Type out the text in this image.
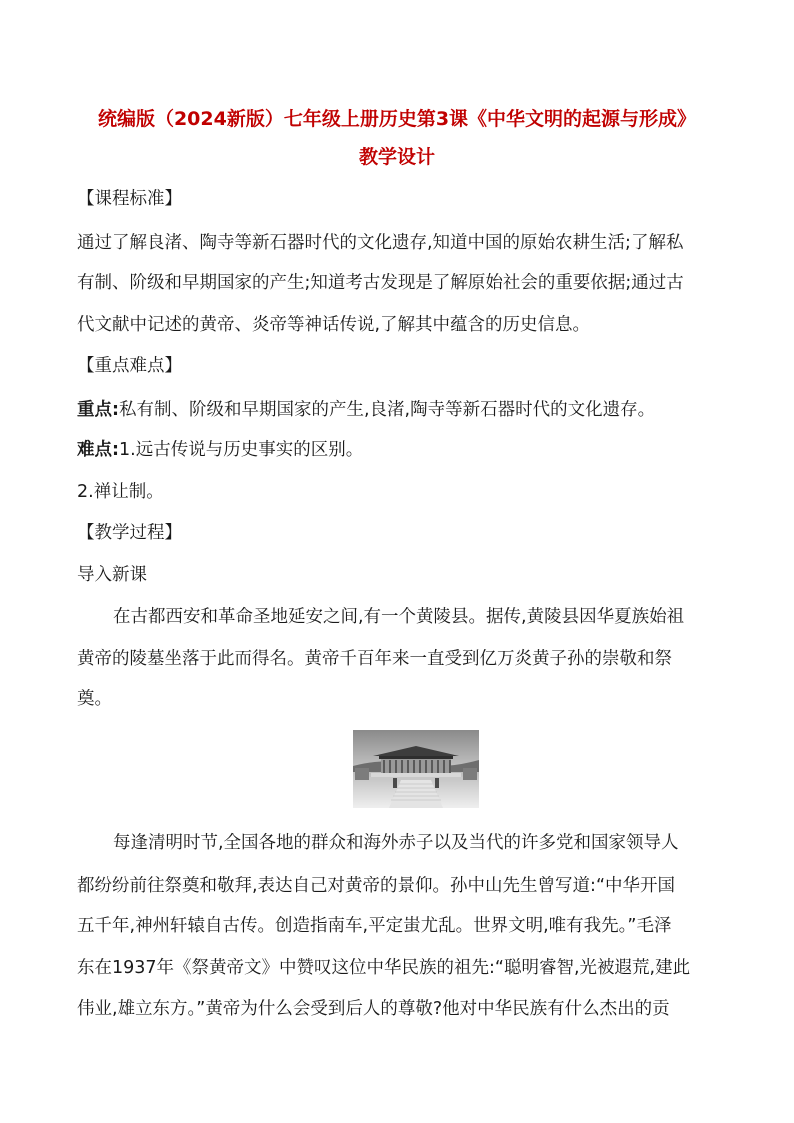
统编版（2024新版）七年级上册历史第3课《中华文明的起源与形成》
教学设计
【课程标准】
通过了解良渚、陶寺等新石器时代的文化遗存,知道中国的原始农耕生活;了解私
有制、阶级和早期国家的产生;知道考古发现是了解原始社会的重要依据;通过古
代文献中记述的黄帝、炎帝等神话传说,了解其中蕴含的历史信息。
【重点难点】
重点:私有制、阶级和早期国家的产生,良渚,陶寺等新石器时代的文化遗存。
难点:1.远古传说与历史事实的区别。
2.禅让制。
【教学过程】
导入新课
在古都西安和革命圣地延安之间,有一个黄陵县。据传,黄陵县因华夏族始祖
黄帝的陵墓坐落于此而得名。黄帝千百年来一直受到亿万炎黄子孙的崇敬和祭
奠。
每逢清明时节,全国各地的群众和海外赤子以及当代的许多党和国家领导人
都纷纷前往祭奠和敬拜,表达自己对黄帝的景仰。孙中山先生曾写道:“中华开国
五千年,神州轩辕自古传。创造指南车,平定蚩尤乱。世界文明,唯有我先。”毛泽
东在1937年《祭黄帝文》中赞叹这位中华民族的祖先:“聪明睿智,光被遐荒,建此
伟业,雄立东方。”黄帝为什么会受到后人的尊敬?他对中华民族有什么杰出的贡
